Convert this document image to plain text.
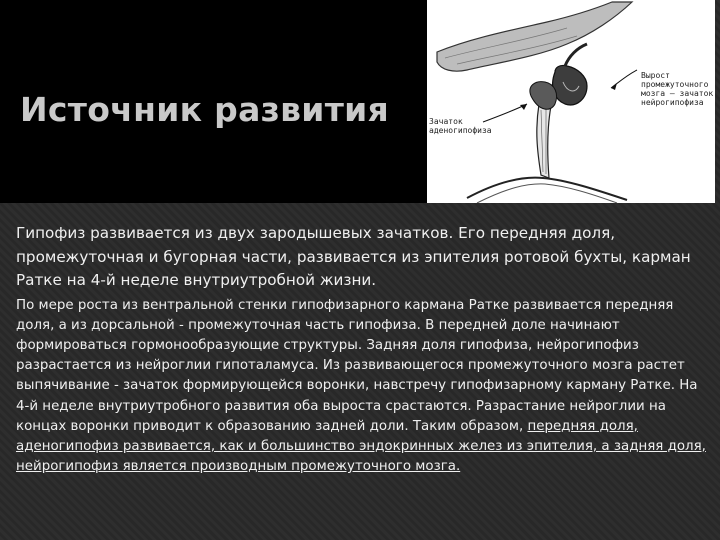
Источник развития
Вырост
промежуточного
мозга — зачаток
нейрогипофиза
Зачаток
аденогипофиза

Гипофиз развивается из двух зародышевых зачатков. Его передняя доля, промежуточная и бугорная части, развивается из эпителия ротовой бухты, карман Ратке на 4-й неделе внутриутробной жизни.

По мере роста из вентральной стенки гипофизарного кармана Ратке развивается передняя доля, а из дорсальной - промежуточная часть гипофиза. В передней доле начинают формироваться гормонообразующие структуры. Задняя доля гипофиза, нейрогипофиз разрастается из нейроглии гипоталамуса. Из развивающегося промежуточного мозга растет выпячивание - зачаток формирующейся воронки, навстречу гипофизарному карману Ратке. На 4-й неделе внутриутробного развития оба выроста срастаются. Разрастание нейроглии на концах воронки приводит к образованию задней доли. Таким образом, передняя доля, аденогипофиз развивается, как и большинство эндокринных желез из эпителия, а задняя доля, нейрогипофиз является производным промежуточного мозга.
